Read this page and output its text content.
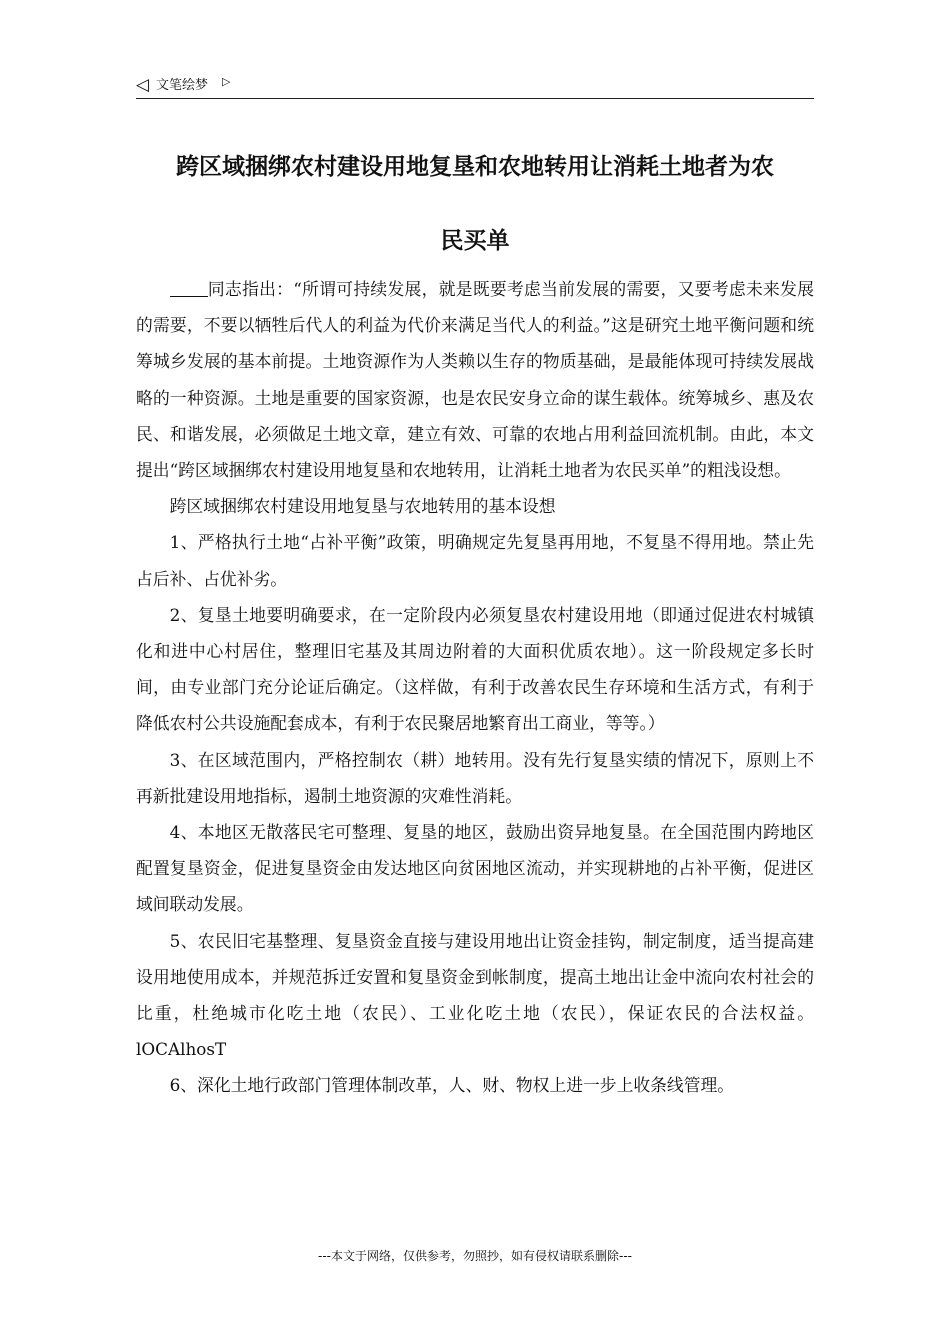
◁ 文笔绘梦 ▷
跨区域捆绑农村建设用地复垦和农地转用让消耗土地者为农
民买单

同志指出：“所谓可持续发展，就是既要考虑当前发展的需要，又要考虑未来发展的需要，不要以牺牲后代人的利益为代价来满足当代人的利益。”这是研究土地平衡问题和统筹城乡发展的基本前提。土地资源作为人类赖以生存的物质基础，是最能体现可持续发展战略的一种资源。土地是重要的国家资源，也是农民安身立命的谋生载体。统筹城乡、惠及农民、和谐发展，必须做足土地文章，建立有效、可靠的农地占用利益回流机制。由此，本文提出“跨区域捆绑农村建设用地复垦和农地转用，让消耗土地者为农民买单”的粗浅设想。

跨区域捆绑农村建设用地复垦与农地转用的基本设想

1、严格执行土地“占补平衡”政策，明确规定先复垦再用地，不复垦不得用地。禁止先占后补、占优补劣。

2、复垦土地要明确要求，在一定阶段内必须复垦农村建设用地（即通过促进农村城镇化和进中心村居住，整理旧宅基及其周边附着的大面积优质农地）。这一阶段规定多长时间，由专业部门充分论证后确定。（这样做，有利于改善农民生存环境和生活方式，有利于降低农村公共设施配套成本，有利于农民聚居地繁育出工商业，等等。）

3、在区域范围内，严格控制农（耕）地转用。没有先行复垦实绩的情况下，原则上不再新批建设用地指标，遏制土地资源的灾难性消耗。

4、本地区无散落民宅可整理、复垦的地区，鼓励出资异地复垦。在全国范围内跨地区配置复垦资金，促进复垦资金由发达地区向贫困地区流动，并实现耕地的占补平衡，促进区域间联动发展。

5、农民旧宅基整理、复垦资金直接与建设用地出让资金挂钩，制定制度，适当提高建设用地使用成本，并规范拆迁安置和复垦资金到帐制度，提高土地出让金中流向农村社会的比重，杜绝城市化吃土地（农民）、工业化吃土地（农民），保证农民的合法权益。lOCAlhosT

6、深化土地行政部门管理体制改革，人、财、物权上进一步上收条线管理。

---本文于网络，仅供参考，勿照抄，如有侵权请联系删除---
